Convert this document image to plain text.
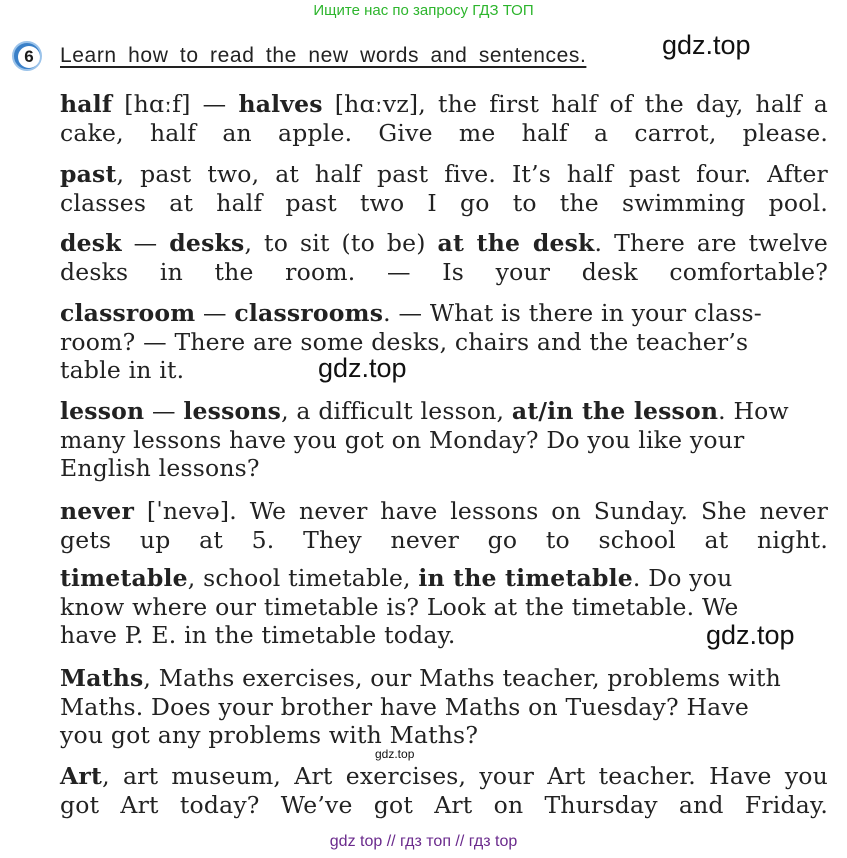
Ищите нас по запросу ГДЗ ТОП
6 Learn how to read the new words and sentences.	gdz.top
half [hɑːf] — halves [hɑːvz], the first half of the day, half a
cake, half an apple. Give me half a carrot, please.
past, past two, at half past five. It’s half past four. After
classes at half past two I go to the swimming pool.
desk — desks, to sit (to be) at the desk. There are twelve
desks in the room. — Is your desk comfortable?
classroom — classrooms. — What is there in your class-
room? — There are some desks, chairs and the teacher’s
table in it.	gdz.top
lesson — lessons, a difficult lesson, at/in the lesson. How
many lessons have you got on Monday? Do you like your
English lessons?
never [ˈnevə]. We never have lessons on Sunday. She never
gets up at 5. They never go to school at night.
timetable, school timetable, in the timetable. Do you
know where our timetable is? Look at the timetable. We
have P. E. in the timetable today.	gdz.top
Maths, Maths exercises, our Maths teacher, problems with
Maths. Does your brother have Maths on Tuesday? Have
you got any problems with Maths?
gdz.top
Art, art museum, Art exercises, your Art teacher. Have you
got Art today? We’ve got Art on Thursday and Friday.
gdz top // гдз топ // гдз top
